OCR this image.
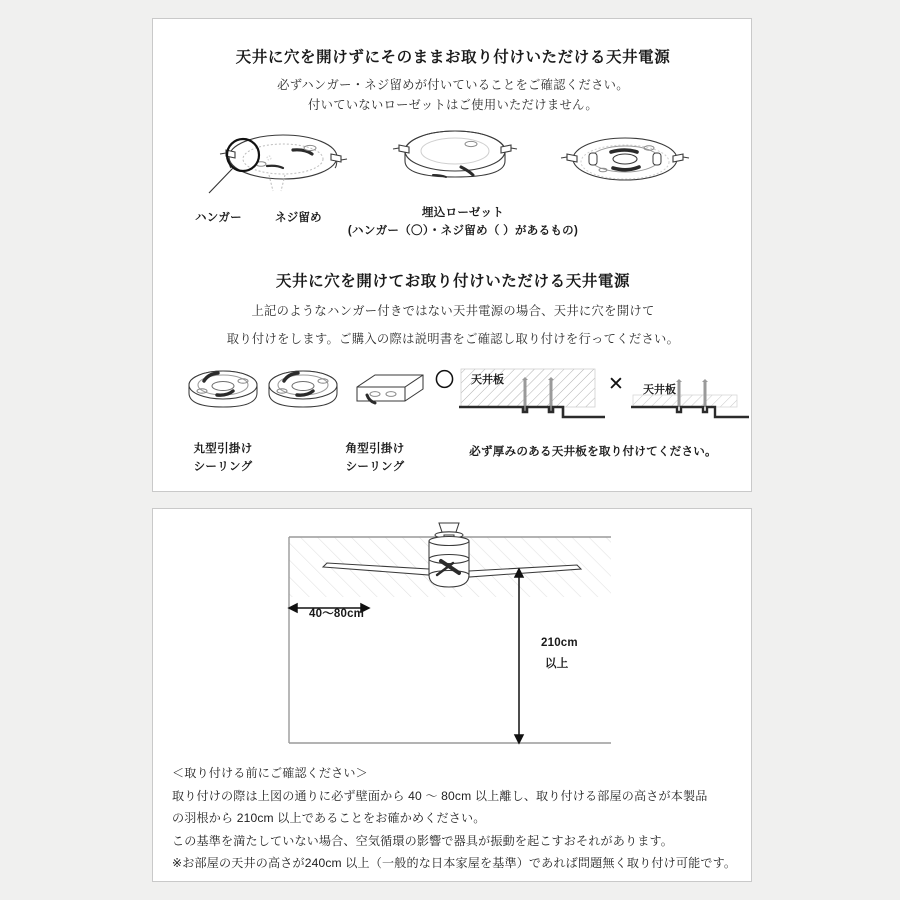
天井に穴を開けずにそのままお取り付けいただける天井電源
必ずハンガー・ネジ留めが付いていることをご確認ください。
付いていないローゼットはご使用いただけません。
ハンガー	ネジ留め	埋込ローゼット
(ハンガー（〇）・ネジ留め（ ）があるもの)
天井に穴を開けてお取り付けいただける天井電源
上記のようなハンガー付きではない天井電源の場合、天井に穴を開けて
取り付けをします。ご購入の際は説明書をご確認し取り付けを行ってください。
丸型引掛け
シーリング
角型引掛け
シーリング
〇 天井板	✕ 天井板
必ず厚みのある天井板を取り付けてください。
40〜80cm
210cm
以上
＜取り付ける前にご確認ください＞
取り付けの際は上図の通りに必ず壁面から 40 〜 80cm 以上離し、取り付ける部屋の高さが本製品
の羽根から 210cm 以上であることをお確かめください。
この基準を満たしていない場合、空気循環の影響で器具が振動を起こすおそれがあります。
※お部屋の天井の高さが240cm 以上（一般的な日本家屋を基準）であれば問題無く取り付け可能です。
